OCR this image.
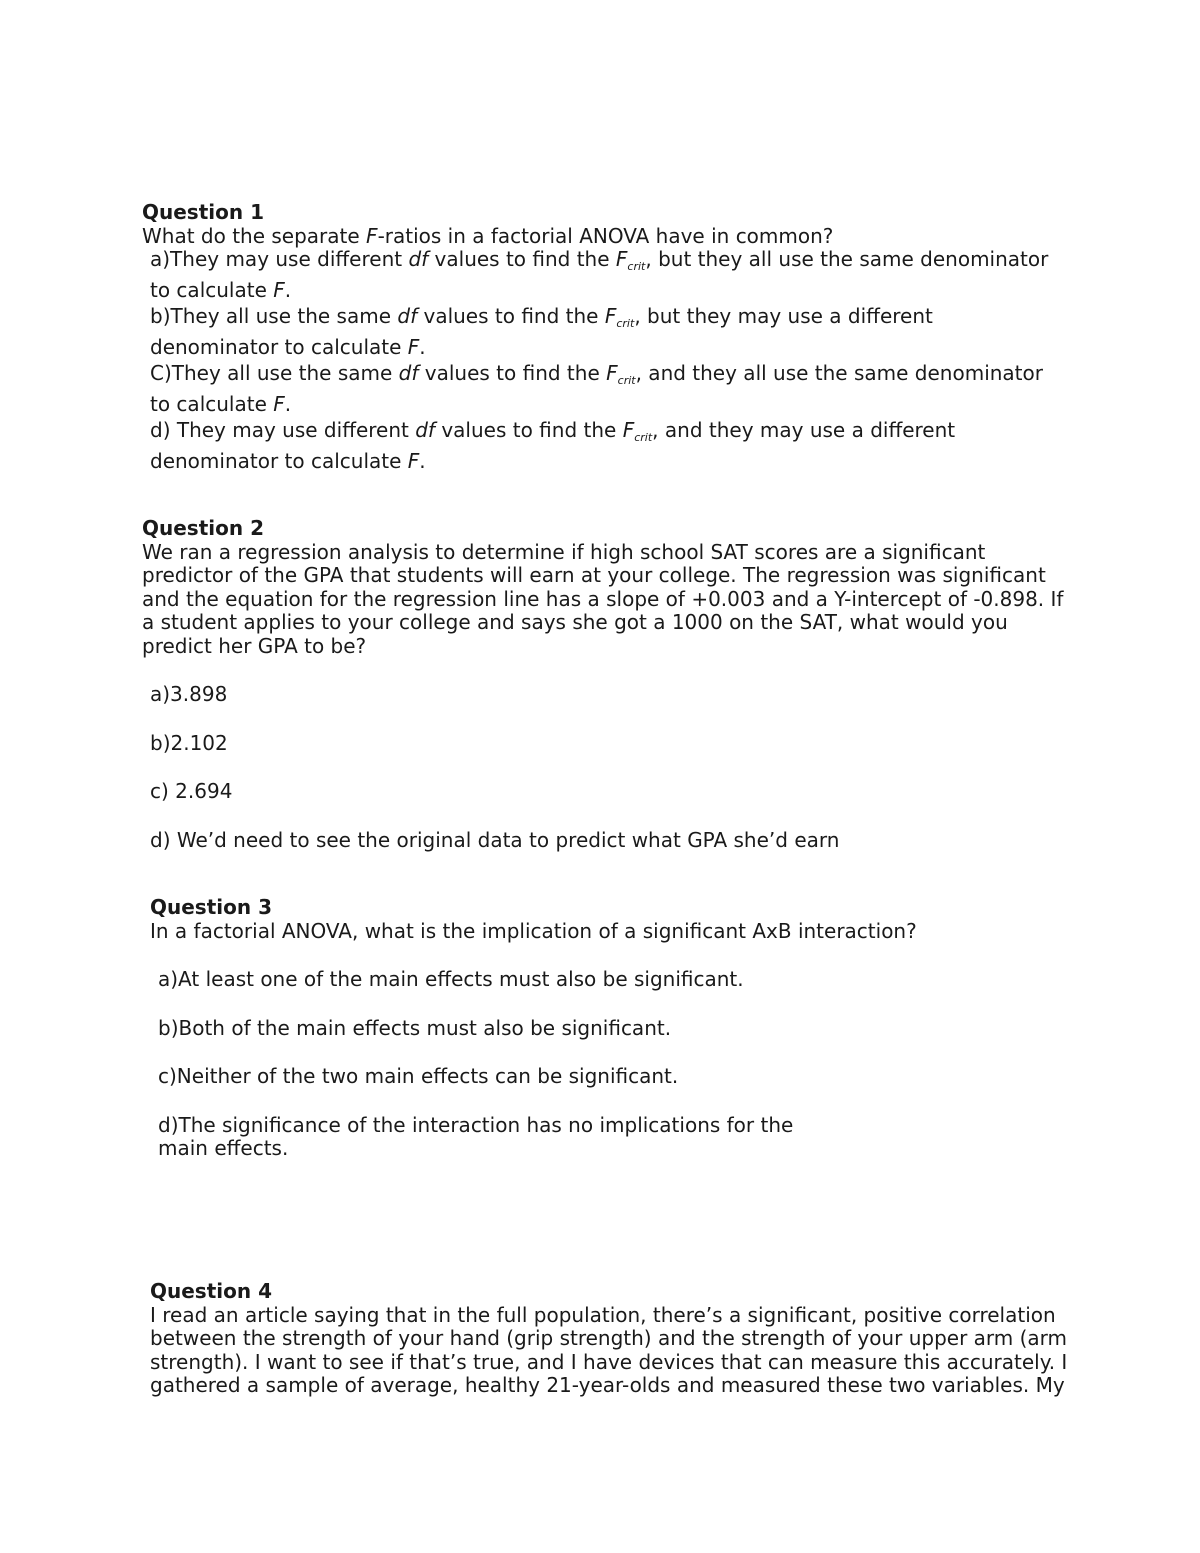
Question 1

What do the separate F-ratios in a factorial ANOVA have in common?

a)They may use different df values to find the $F_{crit}$, but they all use the same denominator

to calculate F.

b)They all use the same df values to find the $F_{crit}$, but they may use a different

denominator to calculate F.

C)They all use the same df values to find the $F_{crit}$, and they all use the same denominator

to calculate F.

d) They may use different df values to find the $F_{crit}$, and they may use a different

denominator to calculate F.

Question 2

We ran a regression analysis to determine if high school SAT scores are a significant

predictor of the GPA that students will earn at your college. The regression was significant

and the equation for the regression line has a slope of +0.003 and a Y-intercept of -0.898. If

a student applies to your college and says she got a 1000 on the SAT, what would you

predict her GPA to be?

a)3.898

b)2.102

c) 2.694

d) We’d need to see the original data to predict what GPA she’d earn

Question 3

In a factorial ANOVA, what is the implication of a significant AxB interaction?

a)At least one of the main effects must also be significant.

b)Both of the main effects must also be significant.

c)Neither of the two main effects can be significant.

d)The significance of the interaction has no implications for the

main effects.

Question 4

I read an article saying that in the full population, there’s a significant, positive correlation

between the strength of your hand (grip strength) and the strength of your upper arm (arm

strength). I want to see if that’s true, and I have devices that can measure this accurately. I

gathered a sample of average, healthy 21-year-olds and measured these two variables. My
